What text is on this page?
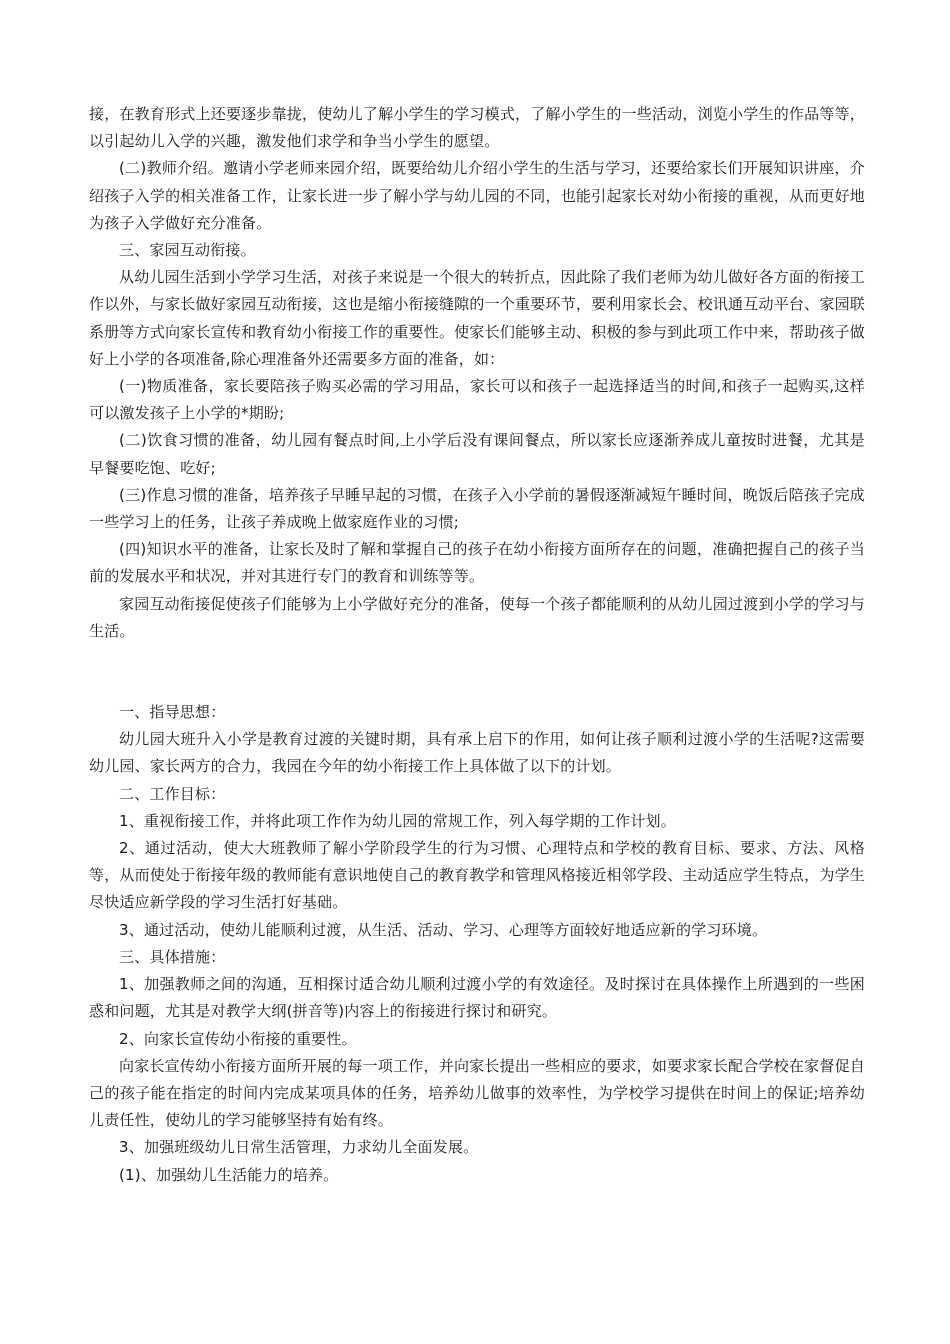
接，在教育形式上还要逐步靠拢，使幼儿了解小学生的学习模式，了解小学生的一些活动，浏览小学生的作品等等，以引起幼儿入学的兴趣，激发他们求学和争当小学生的愿望。

(二)教师介绍。邀请小学老师来园介绍，既要给幼儿介绍小学生的生活与学习，还要给家长们开展知识讲座，介绍孩子入学的相关准备工作，让家长进一步了解小学与幼儿园的不同，也能引起家长对幼小衔接的重视，从而更好地为孩子入学做好充分准备。

三、家园互动衔接。

从幼儿园生活到小学学习生活，对孩子来说是一个很大的转折点，因此除了我们老师为幼儿做好各方面的衔接工作以外，与家长做好家园互动衔接，这也是缩小衔接缝隙的一个重要环节，要利用家长会、校讯通互动平台、家园联系册等方式向家长宣传和教育幼小衔接工作的重要性。使家长们能够主动、积极的参与到此项工作中来，帮助孩子做好上小学的各项准备,除心理准备外还需要多方面的准备，如：

(一)物质准备，家长要陪孩子购买必需的学习用品，家长可以和孩子一起选择适当的时间,和孩子一起购买,这样可以激发孩子上小学的*期盼;

(二)饮食习惯的准备，幼儿园有餐点时间,上小学后没有课间餐点，所以家长应逐渐养成儿童按时进餐，尤其是早餐要吃饱、吃好;

(三)作息习惯的准备，培养孩子早睡早起的习惯，在孩子入小学前的暑假逐渐减短午睡时间，晚饭后陪孩子完成一些学习上的任务，让孩子养成晚上做家庭作业的习惯;

(四)知识水平的准备，让家长及时了解和掌握自己的孩子在幼小衔接方面所存在的问题，准确把握自己的孩子当前的发展水平和状况，并对其进行专门的教育和训练等等。

家园互动衔接促使孩子们能够为上小学做好充分的准备，使每一个孩子都能顺利的从幼儿园过渡到小学的学习与生活。

一、指导思想：

幼儿园大班升入小学是教育过渡的关键时期，具有承上启下的作用，如何让孩子顺利过渡小学的生活呢?这需要幼儿园、家长两方的合力，我园在今年的幼小衔接工作上具体做了以下的计划。

二、工作目标：

1、重视衔接工作，并将此项工作作为幼儿园的常规工作，列入每学期的工作计划。

2、通过活动，使大大班教师了解小学阶段学生的行为习惯、心理特点和学校的教育目标、要求、方法、风格等，从而使处于衔接年级的教师能有意识地使自己的教育教学和管理风格接近相邻学段、主动适应学生特点，为学生尽快适应新学段的学习生活打好基础。

3、通过活动，使幼儿能顺利过渡，从生活、活动、学习、心理等方面较好地适应新的学习环境。

三、具体措施：

1、加强教师之间的沟通，互相探讨适合幼儿顺利过渡小学的有效途径。及时探讨在具体操作上所遇到的一些困惑和问题，尤其是对教学大纲(拼音等)内容上的衔接进行探讨和研究。

2、向家长宣传幼小衔接的重要性。

向家长宣传幼小衔接方面所开展的每一项工作，并向家长提出一些相应的要求，如要求家长配合学校在家督促自己的孩子能在指定的时间内完成某项具体的任务，培养幼儿做事的效率性，为学校学习提供在时间上的保证;培养幼儿责任性，使幼儿的学习能够坚持有始有终。

3、加强班级幼儿日常生活管理，力求幼儿全面发展。

(1)、加强幼儿生活能力的培养。
